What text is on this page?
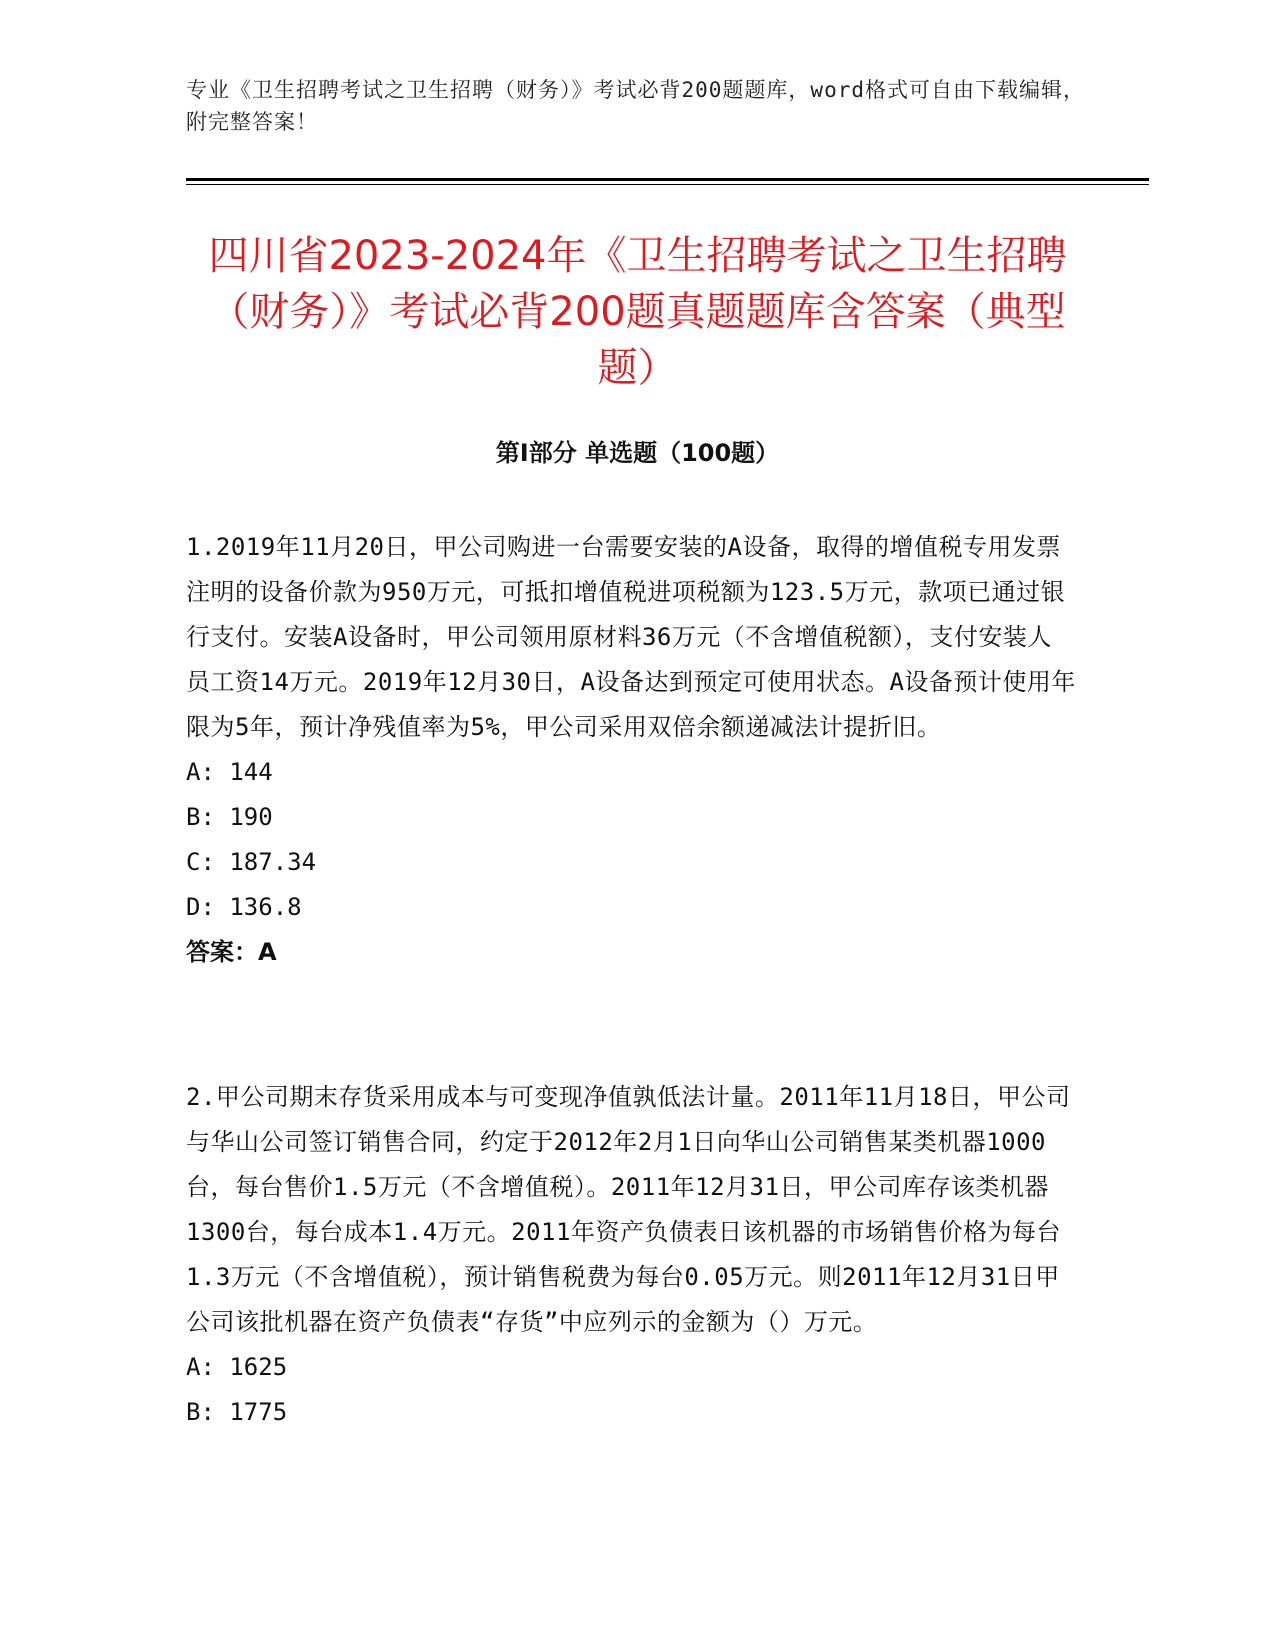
专业《卫生招聘考试之卫生招聘（财务）》考试必背200题题库，word格式可自由下载编辑，附完整答案！
四川省2023-2024年《卫生招聘考试之卫生招聘（财务）》考试必背200题真题题库含答案（典型题）
第Ⅰ部分 单选题（100题）

1.2019年11月20日，甲公司购进一台需要安装的A设备，取得的增值税专用发票注明的设备价款为950万元，可抵扣增值税进项税额为123.5万元，款项已通过银行支付。安装A设备时，甲公司领用原材料36万元（不含增值税额），支付安装人员工资14万元。2019年12月30日，A设备达到预定可使用状态。A设备预计使用年限为5年，预计净残值率为5%，甲公司采用双倍余额递减法计提折旧。

A: 144

B: 190

C: 187.34

D: 136.8

答案：A

2.甲公司期末存货采用成本与可变现净值孰低法计量。2011年11月18日，甲公司与华山公司签订销售合同，约定于2012年2月1日向华山公司销售某类机器1000台，每台售价1.5万元（不含增值税）。2011年12月31日，甲公司库存该类机器1300台，每台成本1.4万元。2011年资产负债表日该机器的市场销售价格为每台1.3万元（不含增值税），预计销售税费为每台0.05万元。则2011年12月31日甲公司该批机器在资产负债表“存货”中应列示的金额为（）万元。

A: 1625

B: 1775
